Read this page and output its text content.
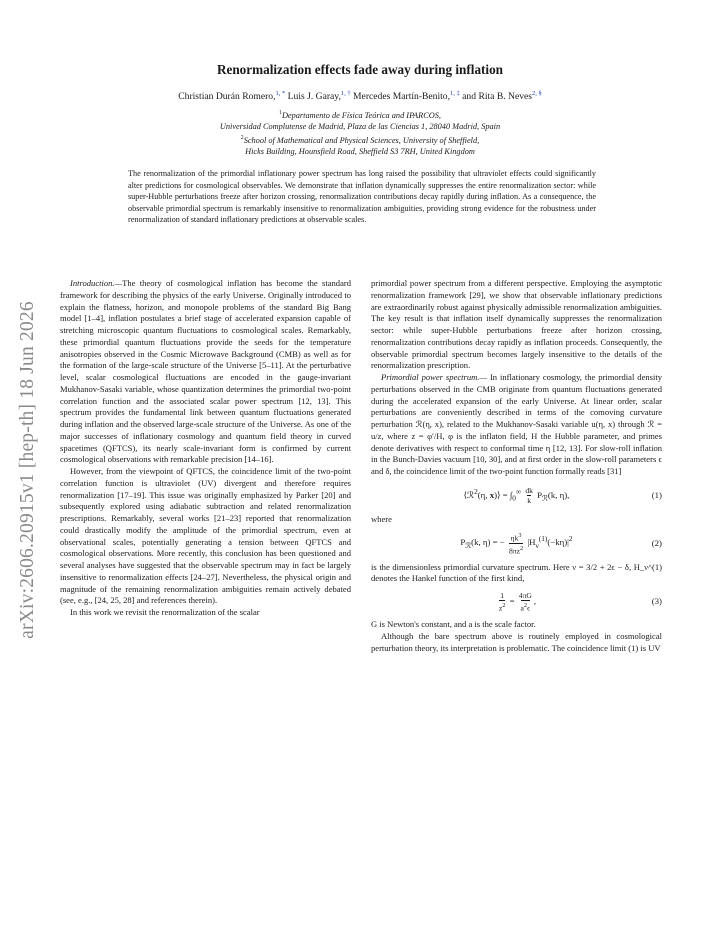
arXiv:2606.20915v1 [hep-th] 18 Jun 2026
Renormalization effects fade away during inflation
Christian Durán Romero,$^{1, *}$ Luis J. Garay,$^{1, \dagger}$ Mercedes Martín-Benito,$^{1, \ddagger}$ and Rita B. Neves$^{2, \S}$
$^1$Departamento de Física Teórica and IPARCOS,
Universidad Complutense de Madrid, Plaza de las Ciencias 1, 28040 Madrid, Spain
$^2$School of Mathematical and Physical Sciences, University of Sheffield,
Hicks Building, Hounsfield Road, Sheffield S3 7RH, United Kingdom
The renormalization of the primordial inflationary power spectrum has long raised the possibility that ultraviolet effects could significantly alter predictions for cosmological observables. We demonstrate that inflation dynamically suppresses the entire renormalization sector: while super-Hubble perturbations freeze after horizon crossing, renormalization contributions decay rapidly during inflation. As a consequence, the observable primordial spectrum is remarkably insensitive to renormalization ambiguities, providing strong evidence for the robustness under renormalization of standard inflationary predictions at observable scales.

Introduction.—The theory of cosmological inflation has become the standard framework for describing the physics of the early Universe. Originally introduced to explain the flatness, horizon, and monopole problems of the standard Big Bang model [1–4], inflation postulates a brief stage of accelerated expansion capable of stretching microscopic quantum fluctuations to cosmological scales. Remarkably, these primordial quantum fluctuations provide the seeds for the temperature anisotropies observed in the Cosmic Microwave Background (CMB) as well as for the formation of the large-scale structure of the Universe [5–11]. At the perturbative level, scalar cosmological fluctuations are encoded in the gauge-invariant Mukhanov-Sasaki variable, whose quantization determines the primordial two-point correlation function and the associated scalar power spectrum [12, 13]. This spectrum provides the fundamental link between quantum fluctuations generated during inflation and the observed large-scale structure of the Universe. As one of the major successes of inflationary cosmology and quantum field theory in curved spacetimes (QFTCS), its nearly scale-invariant form is confirmed by current cosmological observations with remarkable precision [14–16].

However, from the viewpoint of QFTCS, the coincidence limit of the two-point correlation function is ultraviolet (UV) divergent and therefore requires renormalization [17–19]. This issue was originally emphasized by Parker [20] and subsequently explored using adiabatic subtraction and related renormalization prescriptions. Remarkably, several works [21–23] reported that renormalization could drastically modify the amplitude of the primordial spectrum, even at observational scales, potentially generating a tension between QFTCS and cosmological observations. More recently, this conclusion has been questioned and several analyses have suggested that the observable spectrum may in fact be largely insensitive to renormalization effects [24–27]. Nevertheless, the physical origin and magnitude of the remaining renormalization ambiguities remain actively debated (see, e.g., [24, 25, 28] and references therein).

In this work we revisit the renormalization of the scalar

primordial power spectrum from a different perspective. Employing the asymptotic renormalization framework [29], we show that observable inflationary predictions are extraordinarily robust against physically admissible renormalization ambiguities. The key result is that inflation itself dynamically suppresses the renormalization sector: while super-Hubble perturbations freeze after horizon crossing, renormalization contributions decay rapidly as inflation proceeds. Consequently, the observable primordial spectrum becomes largely insensitive to the details of the renormalization prescription.

Primordial power spectrum.— In inflationary cosmology, the primordial density perturbations observed in the CMB originate from quantum fluctuations generated during the accelerated expansion of the early Universe. At linear order, scalar perturbations are conveniently described in terms of the comoving curvature perturbation ℛ(η, x), related to the Mukhanov-Sasaki variable u(η, x) through ℛ = u/z, where z = φ′/H, φ is the inflaton field, H the Hubble parameter, and primes denote derivatives with respect to conformal time η [12, 13]. For slow-roll inflation in the Bunch-Davies vacuum [10, 30], and at first order in the slow-roll parameters ϵ and δ, the coincidence limit of the two-point function formally reads [31]

⟨ℛ$^2$(η, x)⟩ = $\int_0^\infty \frac{dk}{k} P_ℛ(k$, η),	(1)

where

$P_ℛ(k$, η) = − $\frac{\eta k^3}{8\pi z^2} |H_\nu^{(1)}(-k\eta)|^2$	(2)

is the dimensionless primordial curvature spectrum. Here ν = 3/2 + 2ϵ − δ, H_ν^(1) denotes the Hankel function of the first kind,

$\frac{1}{z^2} = \frac{4\pi G}{a^2\epsilon}$ ,	(3)

G is Newton's constant, and a is the scale factor.

Although the bare spectrum above is routinely employed in cosmological perturbation theory, its interpretation is problematic. The coincidence limit (1) is UV
